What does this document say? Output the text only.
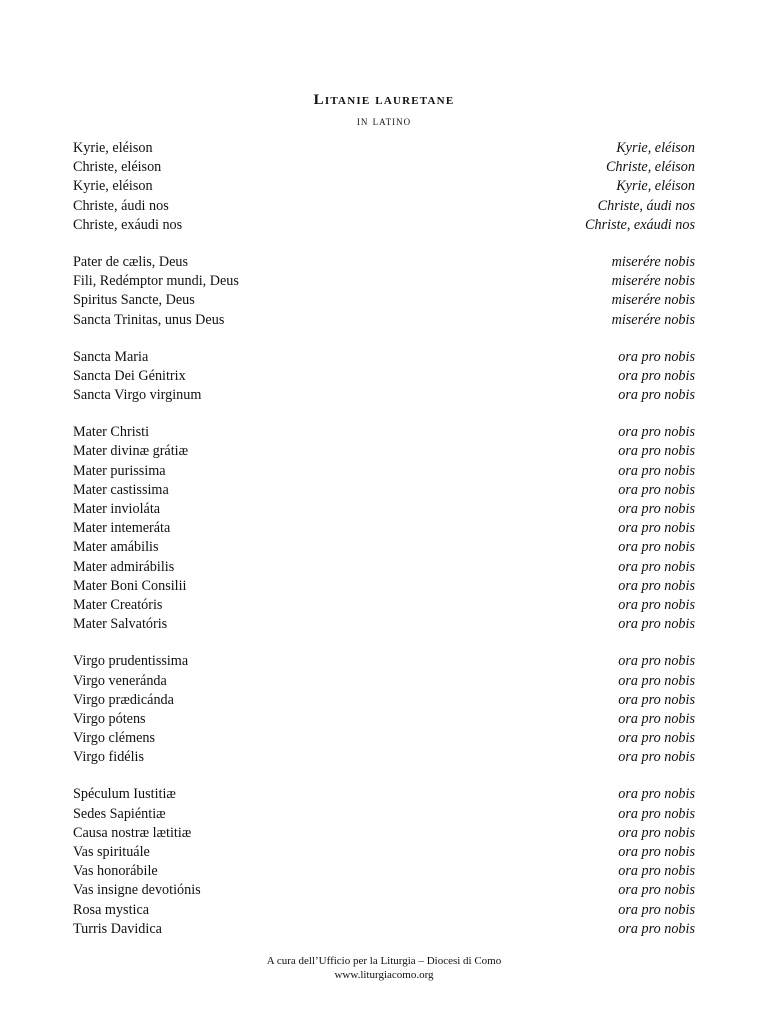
Litanie lauretane
in latino
Kyrie, eléison	Kyrie, eléison
Christe, eléison	Christe, eléison
Kyrie, eléison	Kyrie, eléison
Christe, áudi nos	Christe, áudi nos
Christe, exáudi nos	Christe, exáudi nos
Pater de cælis, Deus	miserére nobis
Fili, Redémptor mundi, Deus	miserére nobis
Spiritus Sancte, Deus	miserére nobis
Sancta Trinitas, unus Deus	miserére nobis
Sancta Maria	ora pro nobis
Sancta Dei Génitrix	ora pro nobis
Sancta Virgo virginum	ora pro nobis
Mater Christi	ora pro nobis
Mater divinæ grátiæ	ora pro nobis
Mater purissima	ora pro nobis
Mater castissima	ora pro nobis
Mater invioláta	ora pro nobis
Mater intemeráta	ora pro nobis
Mater amábilis	ora pro nobis
Mater admirábilis	ora pro nobis
Mater Boni Consilii	ora pro nobis
Mater Creatóris	ora pro nobis
Mater Salvatóris	ora pro nobis
Virgo prudentissima	ora pro nobis
Virgo veneránda	ora pro nobis
Virgo prædicánda	ora pro nobis
Virgo pótens	ora pro nobis
Virgo clémens	ora pro nobis
Virgo fidélis	ora pro nobis
Spéculum Iustitiæ	ora pro nobis
Sedes Sapiéntiæ	ora pro nobis
Causa nostræ lætitiæ	ora pro nobis
Vas spirituále	ora pro nobis
Vas honorábile	ora pro nobis
Vas insigne devotiónis	ora pro nobis
Rosa mystica	ora pro nobis
Turris Davidica	ora pro nobis
A cura dell’Ufficio per la Liturgia – Diocesi di Como
www.liturgiacomo.org
